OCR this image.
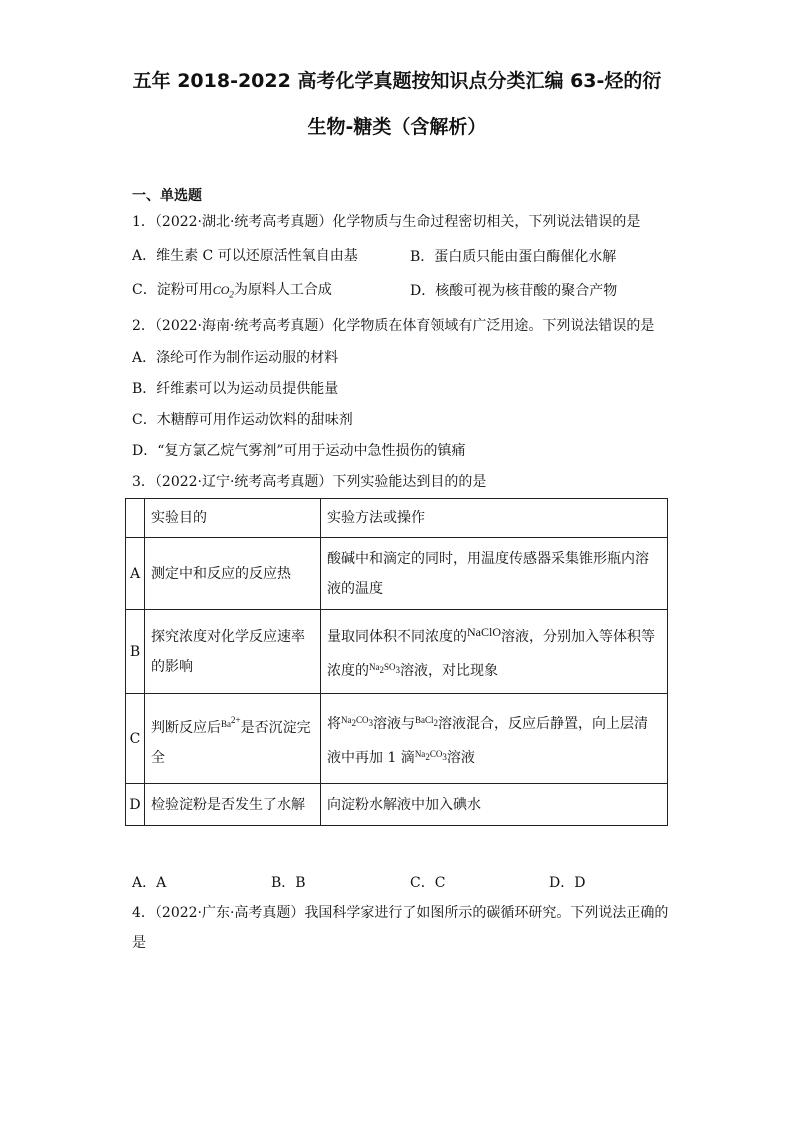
五年 2018-2022 高考化学真题按知识点分类汇编 63-烃的衍
生物-糖类（含解析）
一、单选题
1．（2022·湖北·统考高考真题）化学物质与生命过程密切相关，下列说法错误的是
A．维生素 C 可以还原活性氧自由基	B．蛋白质只能由蛋白酶催化水解
C．淀粉可用$CO_2$为原料人工合成	D．核酸可视为核苷酸的聚合产物
2．（2022·海南·统考高考真题）化学物质在体育领域有广泛用途。下列说法错误的是
A．涤纶可作为制作运动服的材料
B．纤维素可以为运动员提供能量
C．木糖醇可用作运动饮料的甜味剂
D．“复方氯乙烷气雾剂”可用于运动中急性损伤的镇痛
3．（2022·辽宁·统考高考真题）下列实验能达到目的的是
	实验目的	实验方法或操作
A	测定中和反应的反应热	酸碱中和滴定的同时，用温度传感器采集锥形瓶内溶液的温度
B	探究浓度对化学反应速率的影响	量取同体积不同浓度的$^{NaClO}$溶液，分别加入等体积等浓度的$^{Na_2SO_3}$溶液，对比现象
C	判断反应后$^{Ba^{2+}}$是否沉淀完全	将$^{Na_2CO_3}$溶液与$^{BaCl_2}$溶液混合，反应后静置，向上层清液中再加 1 滴$^{Na_2CO_3}$溶液
D	检验淀粉是否发生了水解	向淀粉水解液中加入碘水
A．A	B．B	C．C	D．D
4．（2022·广东·高考真题）我国科学家进行了如图所示的碳循环研究。下列说法正确的
是
